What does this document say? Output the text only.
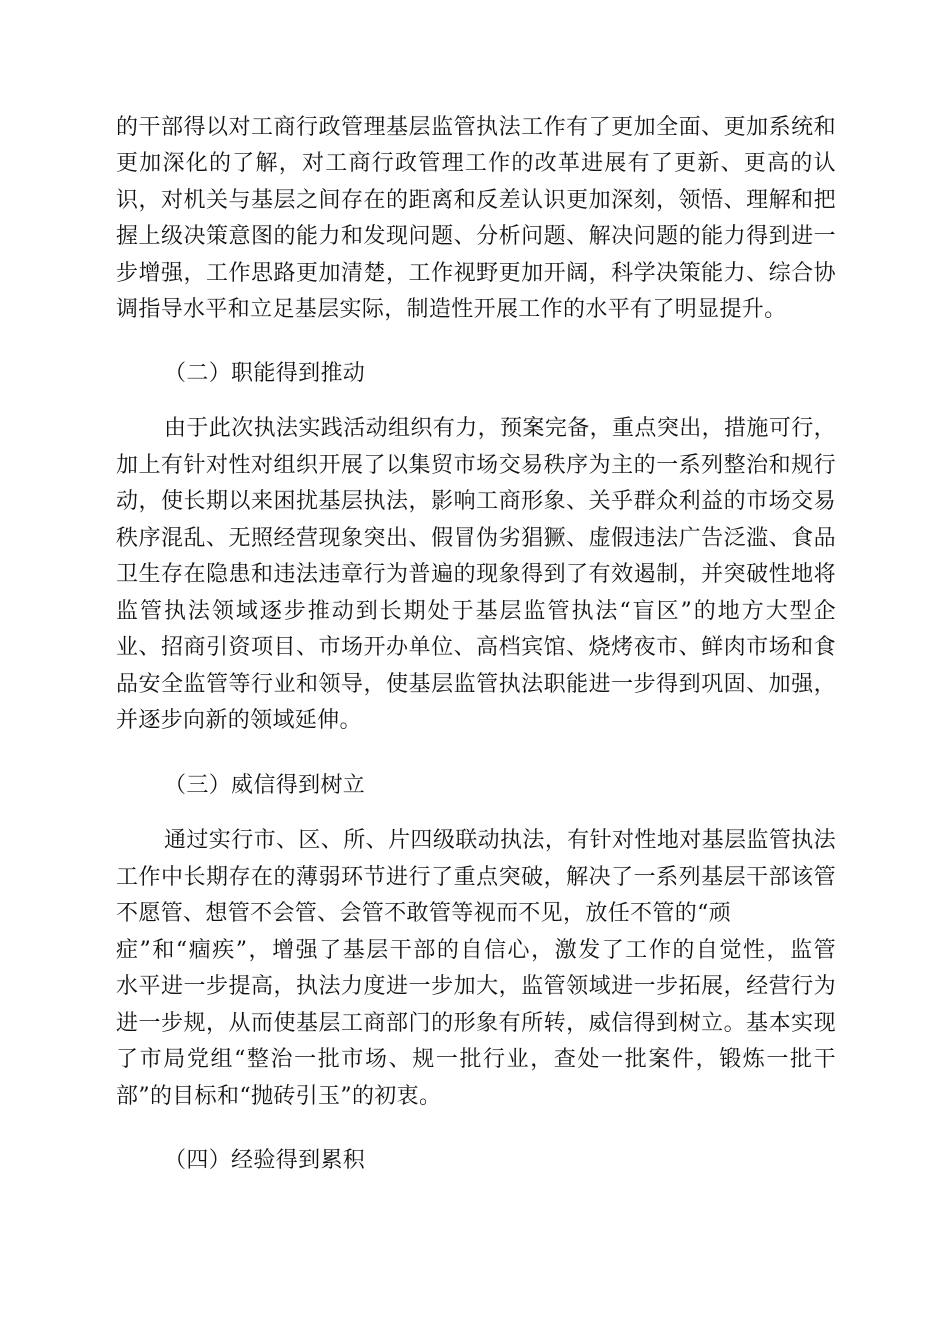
的干部得以对工商行政管理基层监管执法工作有了更加全面、更加系统和
更加深化的了解，对工商行政管理工作的改革进展有了更新、更高的认
识，对机关与基层之间存在的距离和反差认识更加深刻，领悟、理解和把
握上级决策意图的能力和发现问题、分析问题、解决问题的能力得到进一
步增强，工作思路更加清楚，工作视野更加开阔，科学决策能力、综合协
调指导水平和立足基层实际，制造性开展工作的水平有了明显提升。
（二）职能得到推动
由于此次执法实践活动组织有力，预案完备，重点突出，措施可行，
加上有针对性对组织开展了以集贸市场交易秩序为主的一系列整治和规行
动，使长期以来困扰基层执法，影响工商形象、关乎群众利益的市场交易
秩序混乱、无照经营现象突出、假冒伪劣猖獗、虚假违法广告泛滥、食品
卫生存在隐患和违法违章行为普遍的现象得到了有效遏制，并突破性地将
监管执法领域逐步推动到长期处于基层监管执法“盲区”的地方大型企
业、招商引资项目、市场开办单位、高档宾馆、烧烤夜市、鲜肉市场和食
品安全监管等行业和领导，使基层监管执法职能进一步得到巩固、加强，
并逐步向新的领域延伸。
（三）威信得到树立
通过实行市、区、所、片四级联动执法，有针对性地对基层监管执法
工作中长期存在的薄弱环节进行了重点突破，解决了一系列基层干部该管
不愿管、想管不会管、会管不敢管等视而不见，放任不管的“顽
症”和“痼疾”，增强了基层干部的自信心，激发了工作的自觉性，监管
水平进一步提高，执法力度进一步加大，监管领域进一步拓展，经营行为
进一步规，从而使基层工商部门的形象有所转，威信得到树立。基本实现
了市局党组“整治一批市场、规一批行业，查处一批案件，锻炼一批干
部”的目标和“抛砖引玉”的初衷。
（四）经验得到累积
